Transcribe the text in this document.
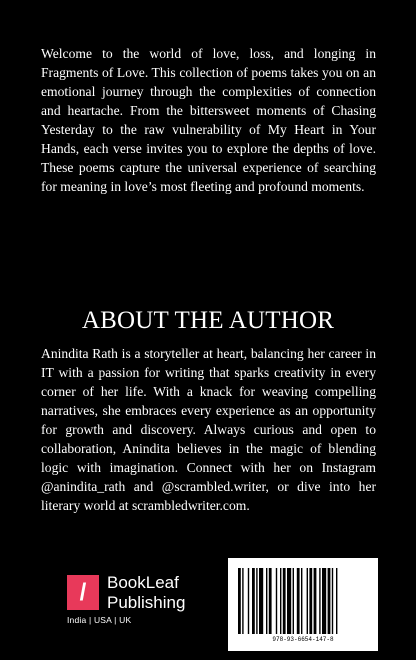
Welcome to the world of love, loss, and longing in Fragments of Love. This collection of poems takes you on an emotional journey through the complexities of connection and heartache. From the bittersweet moments of Chasing Yesterday to the raw vulnerability of My Heart in Your Hands, each verse invites you to explore the depths of love. These poems capture the universal experience of searching for meaning in love’s most fleeting and profound moments.

ABOUT THE AUTHOR

Anindita Rath is a storyteller at heart, balancing her career in IT with a passion for writing that sparks creativity in every corner of her life. With a knack for weaving compelling narratives, she embraces every experience as an opportunity for growth and discovery. Always curious and open to collaboration, Anindita believes in the magic of blending logic with imagination. Connect with her on Instagram @anindita_rath and @scrambled.writer, or dive into her literary world at scrambledwriter.com.

/	BookLeaf
Publishing
India | USA | UK
978-93-6654-147-8
